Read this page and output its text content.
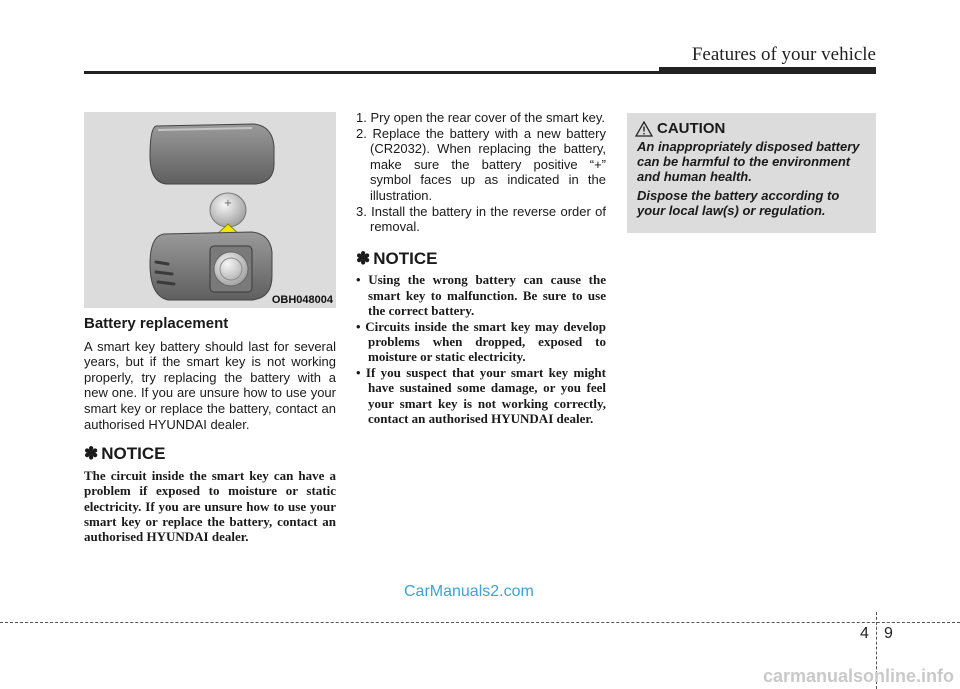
Features of your vehicle
+
OBH048004
Battery replacement

A smart key battery should last for several years, but if the smart key is not working properly, try replacing the battery with a new one. If you are unsure how to use your smart key or replace the battery, contact an authorised HYUNDAI dealer.

✽ NOTICE

The circuit inside the smart key can have a problem if exposed to moisture or static electricity. If you are unsure how to use your smart key or replace the battery, contact an authorised HYUNDAI dealer.

1. Pry open the rear cover of the smart key.
2. Replace the battery with a new battery (CR2032). When replacing the battery, make sure the battery positive “+” symbol faces up as indicated in the illustration.
3. Install the battery in the reverse order of removal.
✽ NOTICE
• Using the wrong battery can cause the smart key to malfunction. Be sure to use the correct battery.
• Circuits inside the smart key may develop problems when dropped, exposed to moisture or static electricity.
• If you suspect that your smart key might have sustained some damage, or you feel your smart key is not working correctly, contact an authorised HYUNDAI dealer.
CAUTION

An inappropriately disposed battery can be harmful to the environment and human health.

Dispose the battery according to your local law(s) or regulation.

CarManuals2.com
4 9
carmanualsonline.info
